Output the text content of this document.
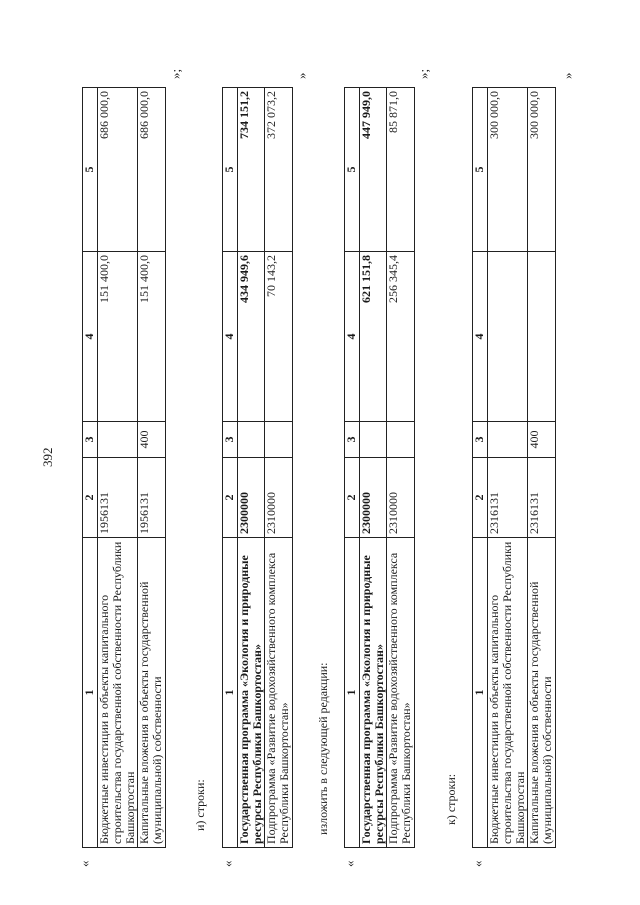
392
«
1	2	3	4	5
Бюджетные инвестиции в объекты капитального строительства государственной собственности Республики Башкортостан	1956131		151 400,0	686 000,0
Капитальные вложения в объекты государственной (муниципальной) собственности	1956131	400	151 400,0	686 000,0
»;
и) строки:
«
1	2	3	4	5
Государственная программа «Экология и природные ресурсы Республики Башкортостан»	2300000		434 949,6	734 151,2
Подпрограмма «Развитие водохозяйственного комплекса Республики Башкортостан»	2310000		70 143,2	372 073,2
»
изложить в следующей редакции:
«
1	2	3	4	5
Государственная программа «Экология и природные ресурсы Республики Башкортостан»	2300000		621 151,8	447 949,0
Подпрограмма «Развитие водохозяйственного комплекса Республики Башкортостан»	2310000		256 345,4	85 871,0
»;
к) строки:
«
1	2	3	4	5
Бюджетные инвестиции в объекты капитального строительства государственной собственности Республики Башкортостан	2316131			300 000,0
Капитальные вложения в объекты государственной (муниципальной) собственности	2316131	400		300 000,0
»
